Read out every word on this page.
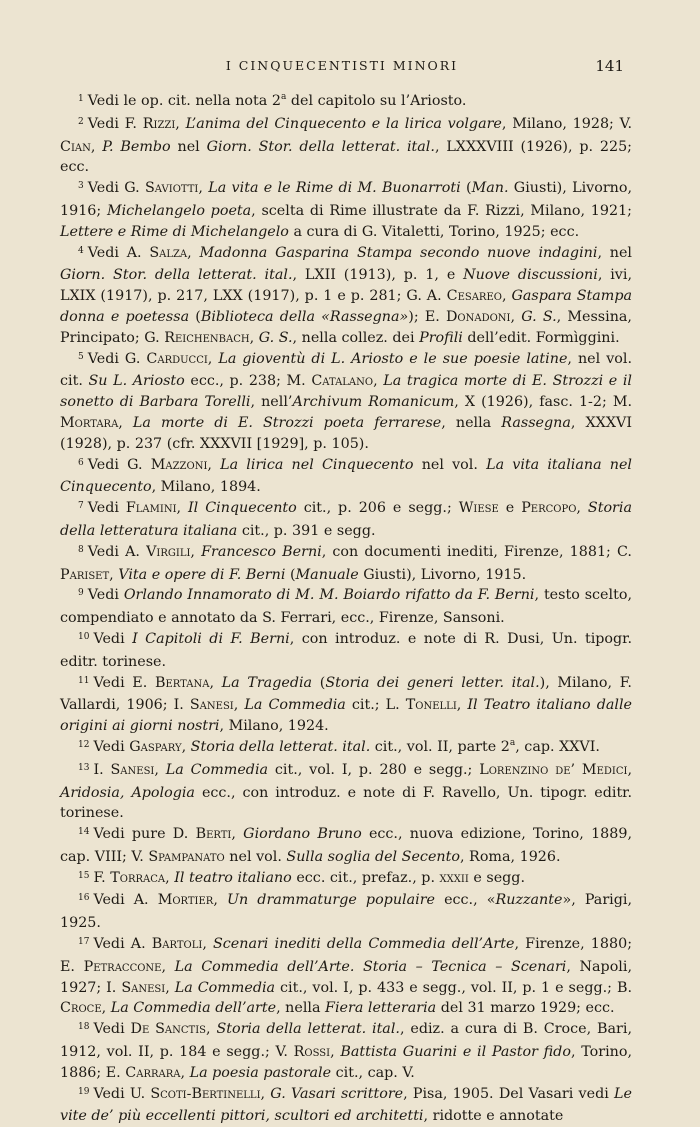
I CINQUECENTISTI MINORI	141

$^1$ Vedi le op. cit. nella nota 2$^a$ del capitolo su l’Ariosto.

$^2$ Vedi F. Rizzi, L’anima del Cinquecento e la lirica volgare, Milano, 1928; V. Cian, P. Bembo nel Giorn. Stor. della letterat. ital., LXXXVIII (1926), p. 225; ecc.

$^3$ Vedi G. Saviotti, La vita e le Rime di M. Buonarroti (Man. Giusti), Livorno, 1916; Michelangelo poeta, scelta di Rime illustrate da F. Rizzi, Milano, 1921; Lettere e Rime di Michelangelo a cura di G. Vitaletti, Torino, 1925; ecc.

$^4$ Vedi A. Salza, Madonna Gasparina Stampa secondo nuove indagini, nel Giorn. Stor. della letterat. ital., LXII (1913), p. 1, e Nuove discussioni, ivi, LXIX (1917), p. 217, LXX (1917), p. 1 e p. 281; G. A. Cesareo, Gaspara Stampa donna e poetessa (Biblioteca della «Rassegna»); E. Donadoni, G. S., Messina, Principato; G. Reichenbach, G. S., nella collez. dei Profili dell’edit. Formìggini.

$^5$ Vedi G. Carducci, La gioventù di L. Ariosto e le sue poesie latine, nel vol. cit. Su L. Ariosto ecc., p. 238; M. Catalano, La tragica morte di E. Strozzi e il sonetto di Barbara Torelli, nell’Archivum Romanicum, X (1926), fasc. 1-2; M. Mortara, La morte di E. Strozzi poeta ferrarese, nella Rassegna, XXXVI (1928), p. 237 (cfr. XXXVII [1929], p. 105).

$^6$ Vedi G. Mazzoni, La lirica nel Cinquecento nel vol. La vita italiana nel Cinquecento, Milano, 1894.

$^7$ Vedi Flamini, Il Cinquecento cit., p. 206 e segg.; Wiese e Percopo, Storia della letteratura italiana cit., p. 391 e segg.

$^8$ Vedi A. Virgili, Francesco Berni, con documenti inediti, Firenze, 1881; C. Pariset, Vita e opere di F. Berni (Manuale Giusti), Livorno, 1915.

$^9$ Vedi Orlando Innamorato di M. M. Boiardo rifatto da F. Berni, testo scelto, compendiato e annotato da S. Ferrari, ecc., Firenze, Sansoni.

$^{10}$ Vedi I Capitoli di F. Berni, con introduz. e note di R. Dusi, Un. tipogr. editr. torinese.

$^{11}$ Vedi E. Bertana, La Tragedia (Storia dei generi letter. ital.), Milano, F. Vallardi, 1906; I. Sanesi, La Commedia cit.; L. Tonelli, Il Teatro italiano dalle origini ai giorni nostri, Milano, 1924.

$^{12}$ Vedi Gaspary, Storia della letterat. ital. cit., vol. II, parte 2$^a$, cap. XXVI.

$^{13}$ I. Sanesi, La Commedia cit., vol. I, p. 280 e segg.; Lorenzino de’ Medici, Aridosia, Apologia ecc., con introduz. e note di F. Ravello, Un. tipogr. editr. torinese.

$^{14}$ Vedi pure D. Berti, Giordano Bruno ecc., nuova edizione, Torino, 1889, cap. VIII; V. Spampanato nel vol. Sulla soglia del Secento, Roma, 1926.

$^{15}$ F. Torraca, Il teatro italiano ecc. cit., prefaz., p. xxxii e segg.

$^{16}$ Vedi A. Mortier, Un drammaturge populaire ecc., «Ruzzante», Parigi, 1925.

$^{17}$ Vedi A. Bartoli, Scenari inediti della Commedia dell’Arte, Firenze, 1880; E. Petraccone, La Commedia dell’Arte. Storia – Tecnica – Scenari, Napoli, 1927; I. Sanesi, La Commedia cit., vol. I, p. 433 e segg., vol. II, p. 1 e segg.; B. Croce, La Commedia dell’arte, nella Fiera letteraria del 31 marzo 1929; ecc.

$^{18}$ Vedi De Sanctis, Storia della letterat. ital., ediz. a cura di B. Croce, Bari, 1912, vol. II, p. 184 e segg.; V. Rossi, Battista Guarini e il Pastor fido, Torino, 1886; E. Carrara, La poesia pastorale cit., cap. V.

$^{19}$ Vedi U. Scoti-Bertinelli, G. Vasari scrittore, Pisa, 1905. Del Vasari vedi Le vite de’ più eccellenti pittori, scultori ed architetti, ridotte e annotate
